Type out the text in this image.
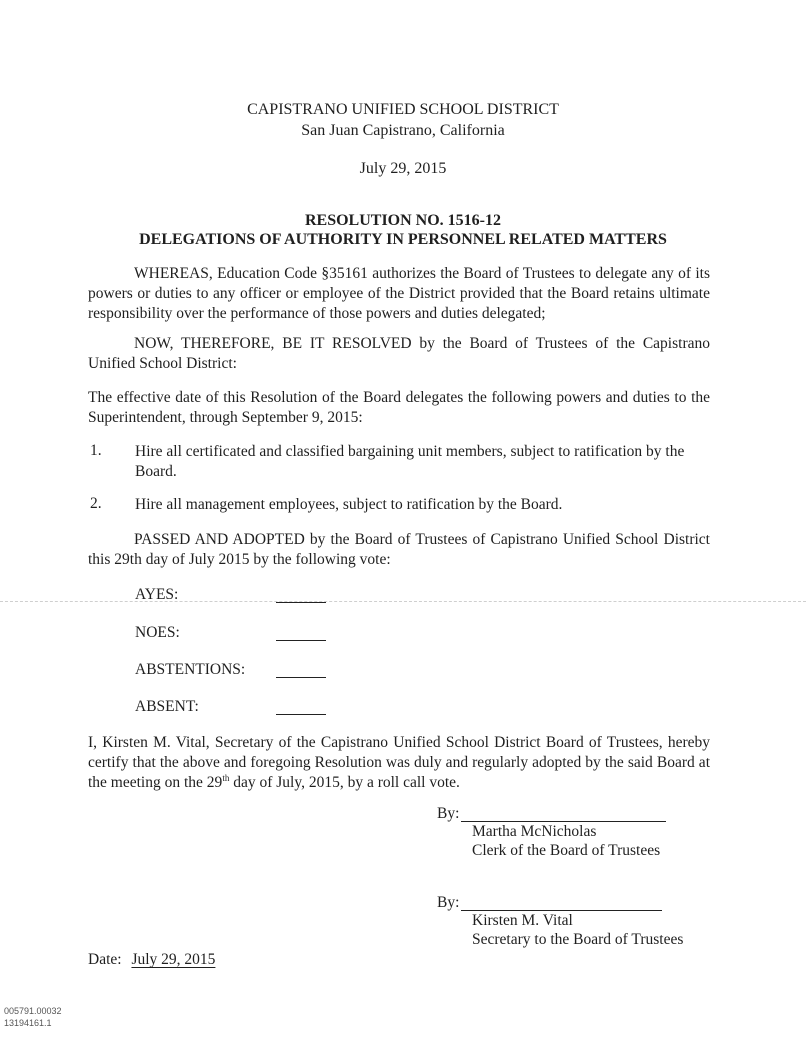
CAPISTRANO UNIFIED SCHOOL DISTRICT
San Juan Capistrano, California
July 29, 2015
RESOLUTION NO. 1516-12
DELEGATIONS OF AUTHORITY IN PERSONNEL RELATED MATTERS
WHEREAS, Education Code §35161 authorizes the Board of Trustees to delegate any of its powers or duties to any officer or employee of the District provided that the Board retains ultimate responsibility over the performance of those powers and duties delegated;
NOW, THEREFORE, BE IT RESOLVED by the Board of Trustees of the Capistrano Unified School District:
The effective date of this Resolution of the Board delegates the following powers and duties to the Superintendent, through September 9, 2015:
1. Hire all certificated and classified bargaining unit members, subject to ratification by the Board.
2. Hire all management employees, subject to ratification by the Board.
PASSED AND ADOPTED by the Board of Trustees of Capistrano Unified School District this 29th day of July 2015 by the following vote:
AYES:
NOES:
ABSTENTIONS:
ABSENT:
I, Kirsten M. Vital, Secretary of the Capistrano Unified School District Board of Trustees, hereby certify that the above and foregoing Resolution was duly and regularly adopted by the said Board at the meeting on the 29th day of July, 2015, by a roll call vote.
By:
Martha McNicholas
Clerk of the Board of Trustees
By:
Kirsten M. Vital
Secretary to the Board of Trustees
Date: July 29, 2015
005791.00032
13194161.1
